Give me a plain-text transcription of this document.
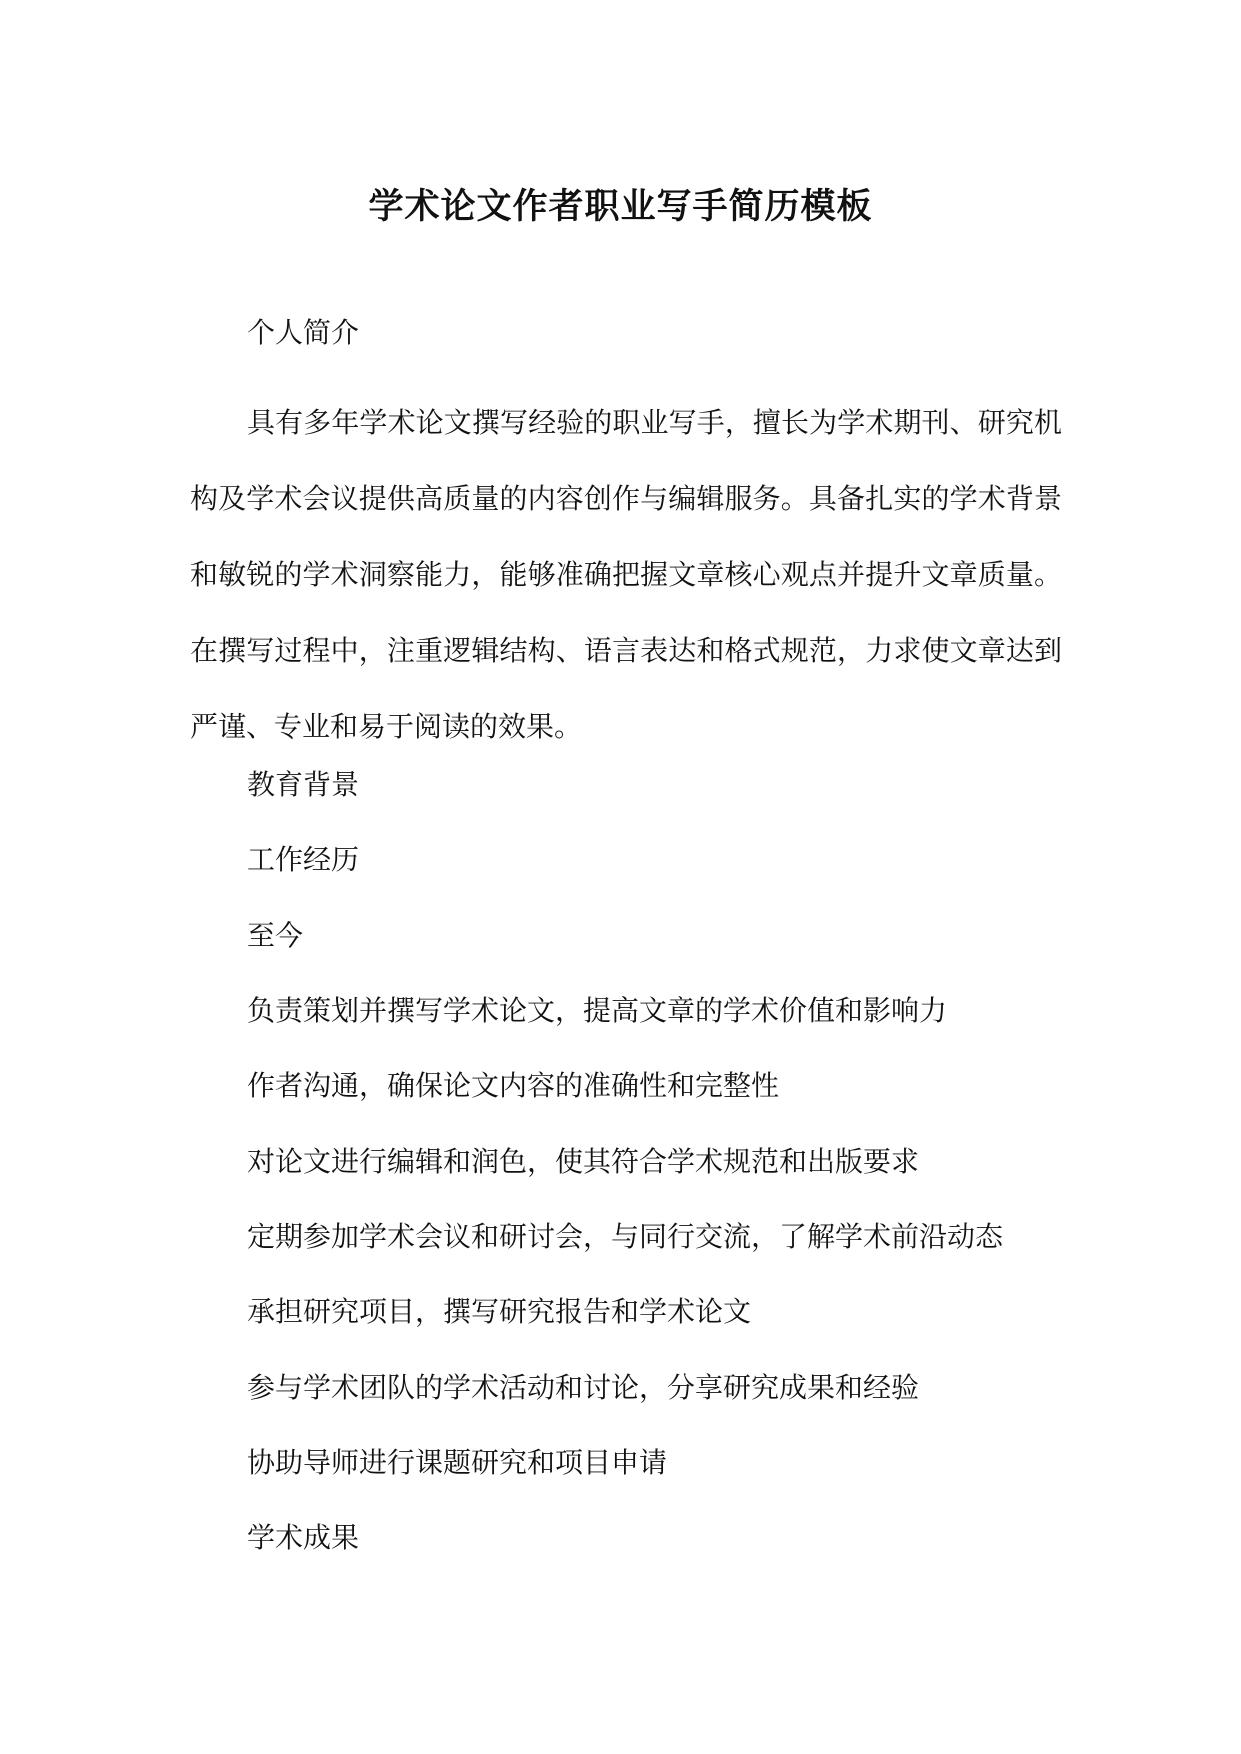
学术论文作者职业写手简历模板
个人简介
具有多年学术论文撰写经验的职业写手，擅长为学术期刊、研究机构及学术会议提供高质量的内容创作与编辑服务。具备扎实的学术背景和敏锐的学术洞察能力，能够准确把握文章核心观点并提升文章质量。在撰写过程中，注重逻辑结构、语言表达和格式规范，力求使文章达到严谨、专业和易于阅读的效果。
教育背景
工作经历
至今
负责策划并撰写学术论文，提高文章的学术价值和影响力
作者沟通，确保论文内容的准确性和完整性
对论文进行编辑和润色，使其符合学术规范和出版要求
定期参加学术会议和研讨会，与同行交流，了解学术前沿动态
承担研究项目，撰写研究报告和学术论文
参与学术团队的学术活动和讨论，分享研究成果和经验
协助导师进行课题研究和项目申请
学术成果
